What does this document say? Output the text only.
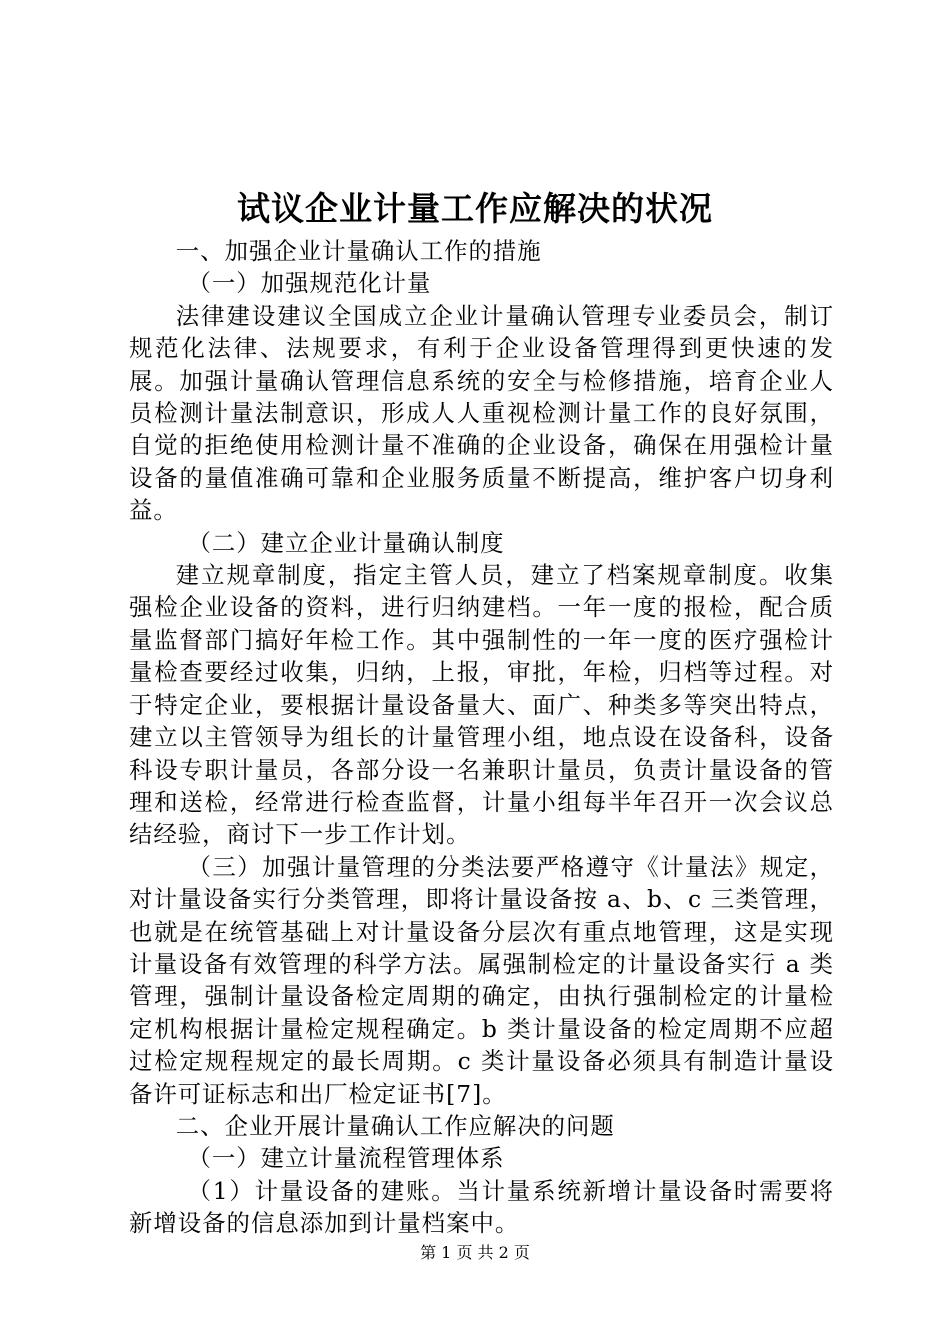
试议企业计量工作应解决的状况

一、加强企业计量确认工作的措施

（一）加强规范化计量

法律建设建议全国成立企业计量确认管理专业委员会，制订规范化法律、法规要求，有利于企业设备管理得到更快速的发展。加强计量确认管理信息系统的安全与检修措施，培育企业人员检测计量法制意识，形成人人重视检测计量工作的良好氛围，自觉的拒绝使用检测计量不准确的企业设备，确保在用强检计量设备的量值准确可靠和企业服务质量不断提高，维护客户切身利益。

（二）建立企业计量确认制度

建立规章制度，指定主管人员，建立了档案规章制度。收集强检企业设备的资料，进行归纳建档。一年一度的报检，配合质量监督部门搞好年检工作。其中强制性的一年一度的医疗强检计量检查要经过收集，归纳，上报，审批，年检，归档等过程。对于特定企业，要根据计量设备量大、面广、种类多等突出特点，建立以主管领导为组长的计量管理小组，地点设在设备科，设备科设专职计量员，各部分设一名兼职计量员，负责计量设备的管理和送检，经常进行检查监督，计量小组每半年召开一次会议总结经验，商讨下一步工作计划。

（三）加强计量管理的分类法要严格遵守《计量法》规定，对计量设备实行分类管理，即将计量设备按 a、b、c 三类管理，也就是在统管基础上对计量设备分层次有重点地管理，这是实现计量设备有效管理的科学方法。属强制检定的计量设备实行 a 类管理，强制计量设备检定周期的确定，由执行强制检定的计量检定机构根据计量检定规程确定。b 类计量设备的检定周期不应超过检定规程规定的最长周期。c 类计量设备必须具有制造计量设备许可证标志和出厂检定证书[7]。

二、企业开展计量确认工作应解决的问题

（一）建立计量流程管理体系

（1）计量设备的建账。当计量系统新增计量设备时需要将新增设备的信息添加到计量档案中。

第 1 页 共 2 页
